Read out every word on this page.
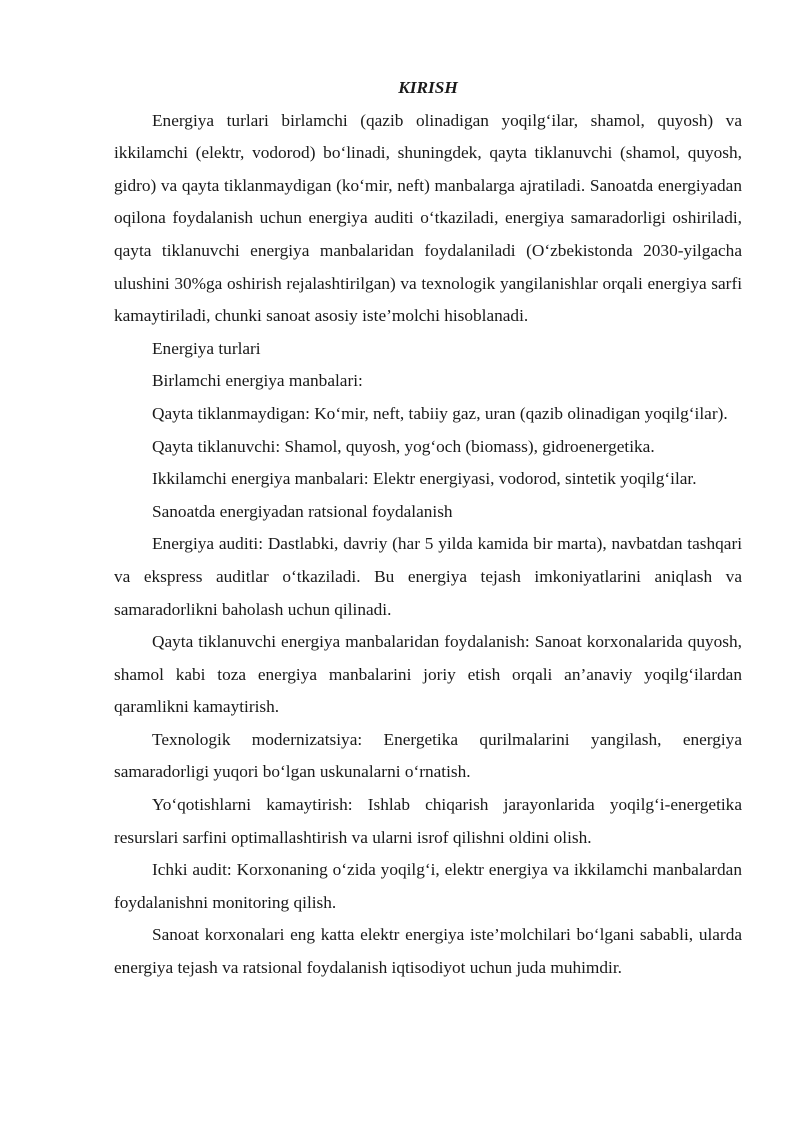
KIRISH

Energiya turlari birlamchi (qazib olinadigan yoqilg‘ilar, shamol, quyosh) va ikkilamchi (elektr, vodorod) bo‘linadi, shuningdek, qayta tiklanuvchi (shamol, quyosh, gidro) va qayta tiklanmaydigan (ko‘mir, neft) manbalarga ajratiladi. Sanoatda energiyadan oqilona foydalanish uchun energiya auditi o‘tkaziladi, energiya samaradorligi oshiriladi, qayta tiklanuvchi energiya manbalaridan foydalaniladi (O‘zbekistonda 2030-yilgacha ulushini 30%ga oshirish rejalashtirilgan) va texnologik yangilanishlar orqali energiya sarfi kamaytiriladi, chunki sanoat asosiy iste’molchi hisoblanadi.

Energiya turlari

Birlamchi energiya manbalari:

Qayta tiklanmaydigan: Ko‘mir, neft, tabiiy gaz, uran (qazib olinadigan yoqilg‘ilar).

Qayta tiklanuvchi: Shamol, quyosh, yog‘och (biomass), gidroenergetika.

Ikkilamchi energiya manbalari: Elektr energiyasi, vodorod, sintetik yoqilg‘ilar.

Sanoatda energiyadan ratsional foydalanish

Energiya auditi: Dastlabki, davriy (har 5 yilda kamida bir marta), navbatdan tashqari va ekspress auditlar o‘tkaziladi. Bu energiya tejash imkoniyatlarini aniqlash va samaradorlikni baholash uchun qilinadi.

Qayta tiklanuvchi energiya manbalaridan foydalanish: Sanoat korxonalarida quyosh, shamol kabi toza energiya manbalarini joriy etish orqali an’anaviy yoqilg‘ilardan qaramlikni kamaytirish.

Texnologik modernizatsiya: Energetika qurilmalarini yangilash, energiya samaradorligi yuqori bo‘lgan uskunalarni o‘rnatish.

Yo‘qotishlarni kamaytirish: Ishlab chiqarish jarayonlarida yoqilg‘i-energetika resurslari sarfini optimallashtirish va ularni isrof qilishni oldini olish.

Ichki audit: Korxonaning o‘zida yoqilg‘i, elektr energiya va ikkilamchi manbalardan foydalanishni monitoring qilish.

Sanoat korxonalari eng katta elektr energiya iste’molchilari bo‘lgani sababli, ularda energiya tejash va ratsional foydalanish iqtisodiyot uchun juda muhimdir.
